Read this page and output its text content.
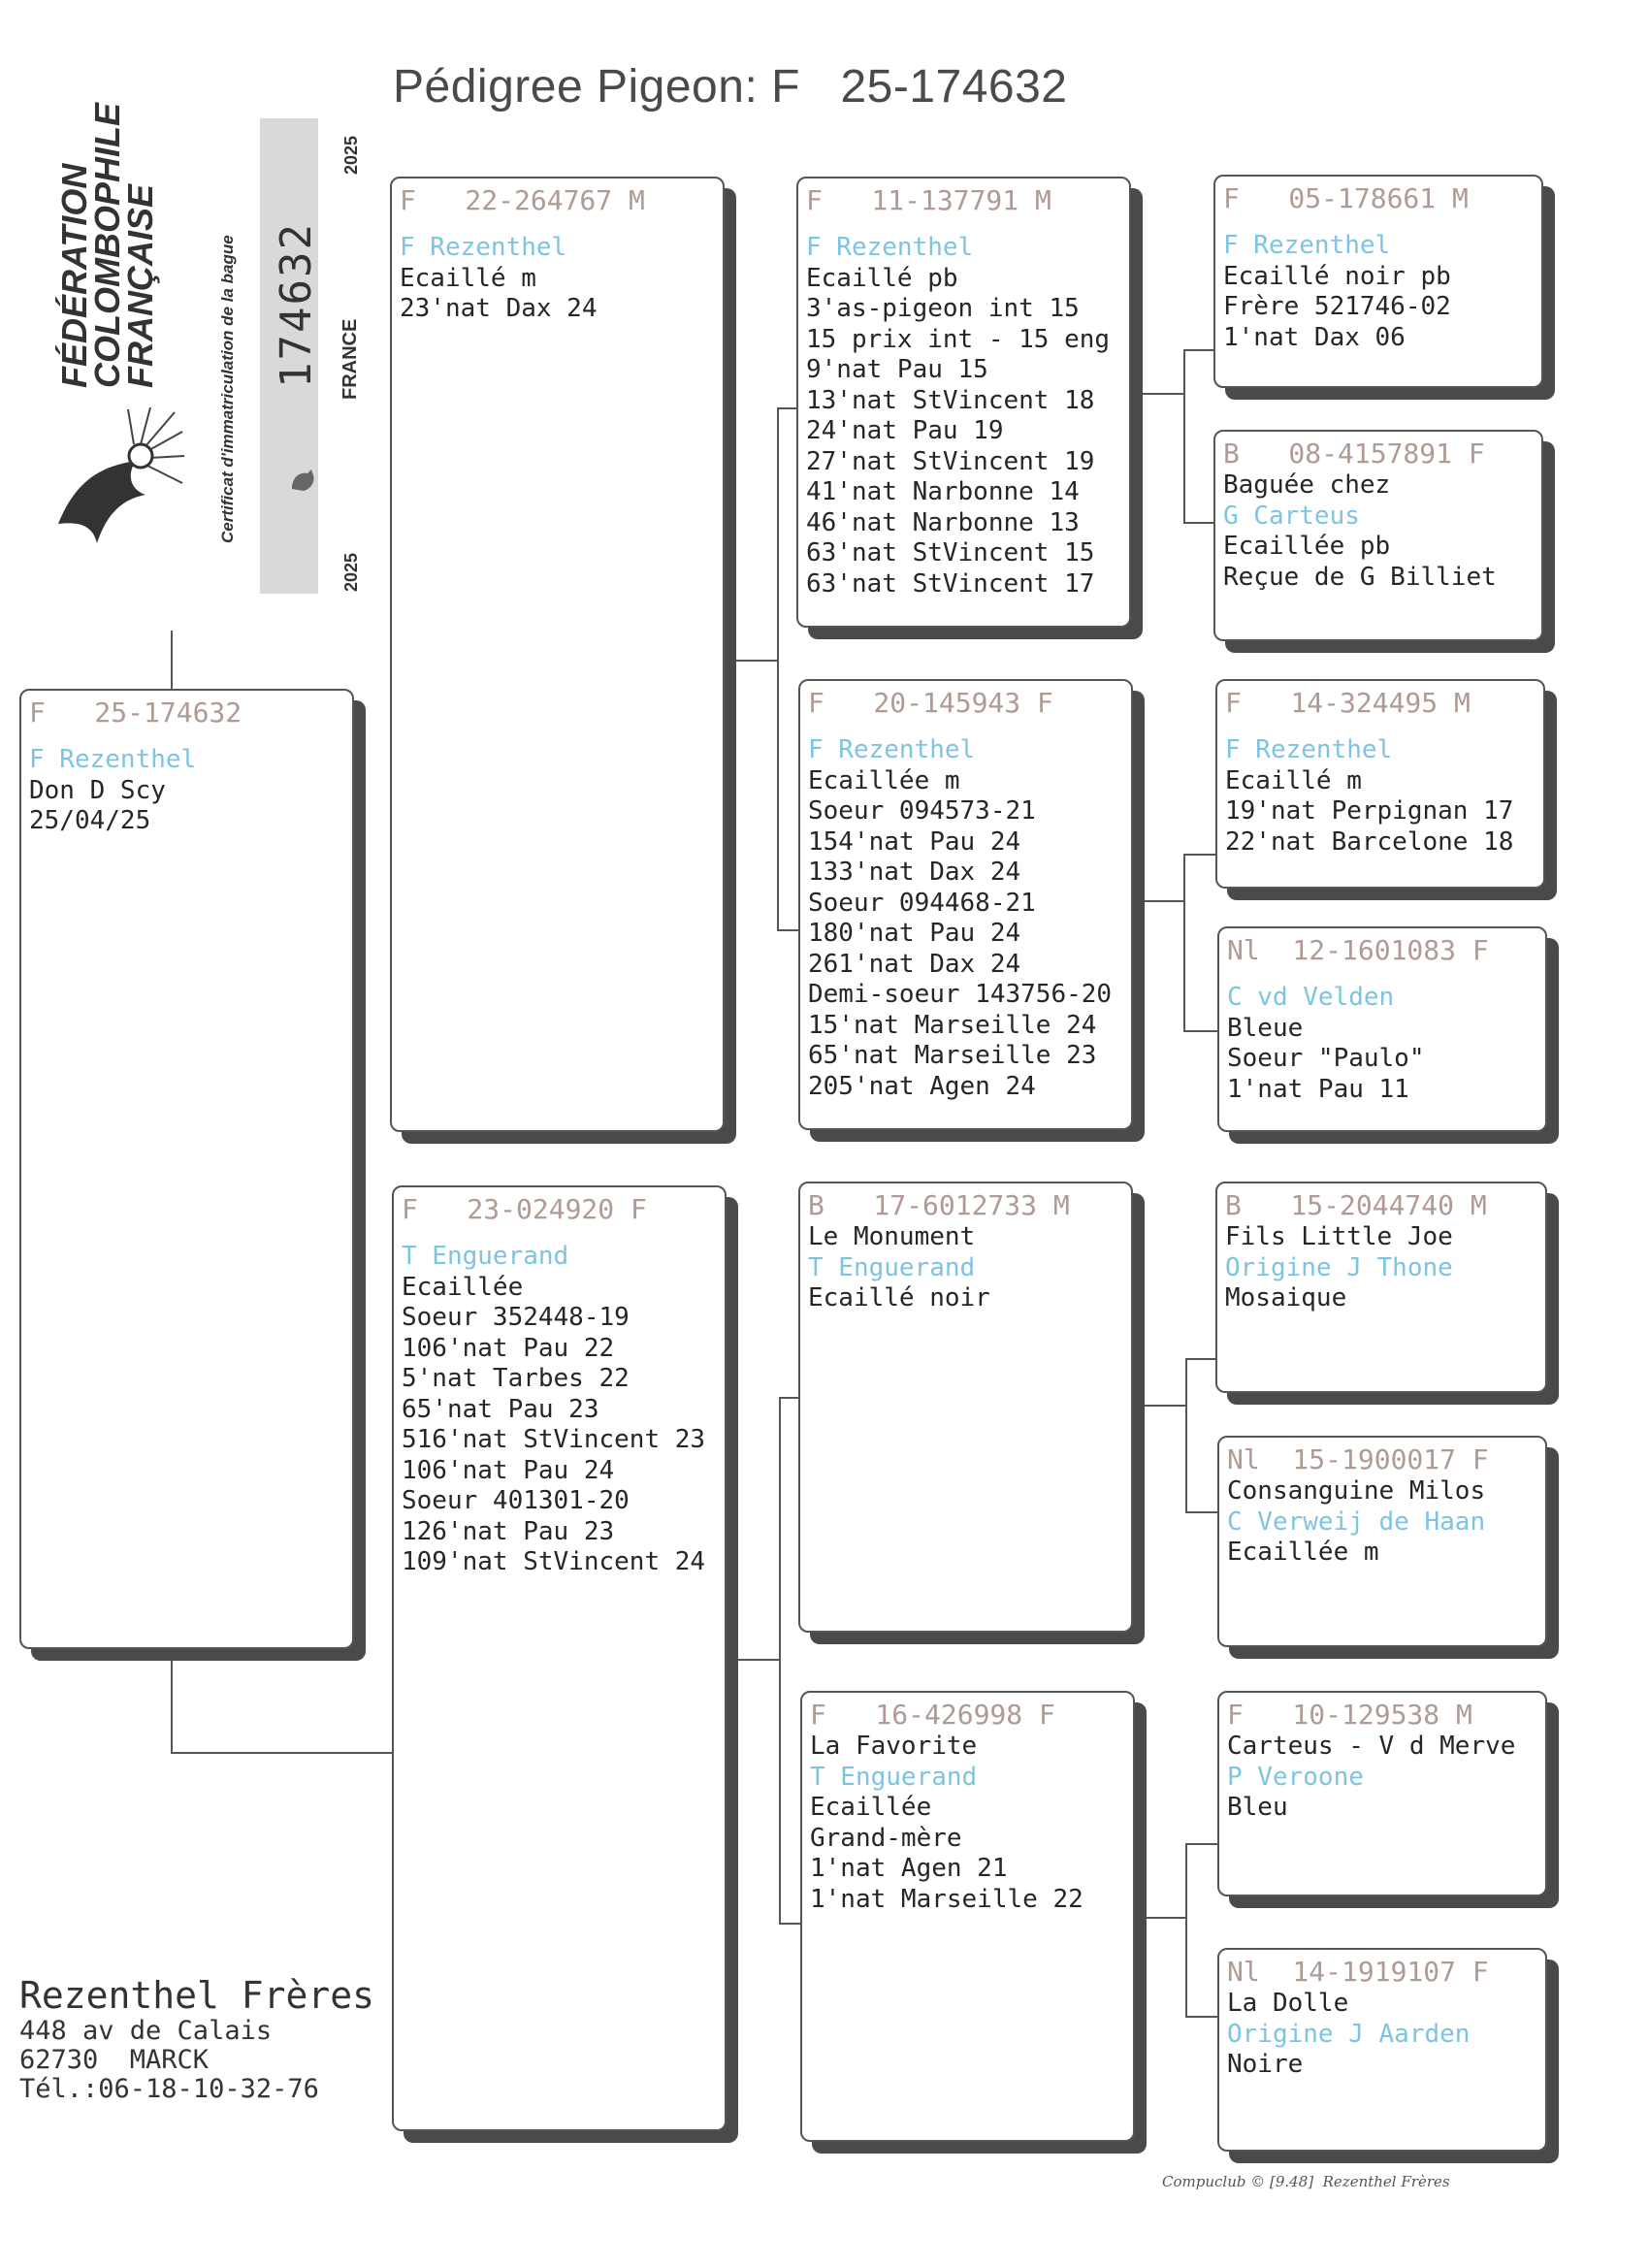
Pédigree Pigeon: F   25-174632
FÉDÉRATION
COLOMBOPHILE
FRANÇAISE	Certificat d'immatriculation de la bague 174632
2025
2025
FRANCE
F   25-174632
F Rezenthel
Don D Scy
25/04/25
F   22-264767 M
F Rezenthel
Ecaillé m
23'nat Dax 24
F   23-024920 F
T Enguerand
Ecaillée
Soeur 352448-19
106'nat Pau 22
5'nat Tarbes 22
65'nat Pau 23
516'nat StVincent 23
106'nat Pau 24
Soeur 401301-20
126'nat Pau 23
109'nat StVincent 24
F   11-137791 M
F Rezenthel
Ecaillé pb
3'as-pigeon int 15
15 prix int - 15 eng
9'nat Pau 15
13'nat StVincent 18
24'nat Pau 19
27'nat StVincent 19
41'nat Narbonne 14
46'nat Narbonne 13
63'nat StVincent 15
63'nat StVincent 17
F   20-145943 F
F Rezenthel
Ecaillée m
Soeur 094573-21
154'nat Pau 24
133'nat Dax 24
Soeur 094468-21
180'nat Pau 24
261'nat Dax 24
Demi-soeur 143756-20
15'nat Marseille 24
65'nat Marseille 23
205'nat Agen 24
B   17-6012733 M
Le Monument
T Enguerand
Ecaillé noir
F   16-426998 F
La Favorite
T Enguerand
Ecaillée
Grand-mère
1'nat Agen 21
1'nat Marseille 22
F   05-178661 M
F Rezenthel
Ecaillé noir pb
Frère 521746-02
1'nat Dax 06
B   08-4157891 F
Baguée chez
G Carteus
Ecaillée pb
Reçue de G Billiet
F   14-324495 M
F Rezenthel
Ecaillé m
19'nat Perpignan 17
22'nat Barcelone 18
Nl  12-1601083 F
C vd Velden
Bleue
Soeur "Paulo"
1'nat Pau 11
B   15-2044740 M
Fils Little Joe
Origine J Thone
Mosaique
Nl  15-1900017 F
Consanguine Milos
C Verweij de Haan
Ecaillée m
F   10-129538 M
Carteus - V d Merve
P Veroone
Bleu
Nl  14-1919107 F
La Dolle
Origine J Aarden
Noire
Rezenthel Frères
448 av de Calais
62730  MARCK
Tél.:06-18-10-32-76
Compuclub © [9.48]  Rezenthel Frères
